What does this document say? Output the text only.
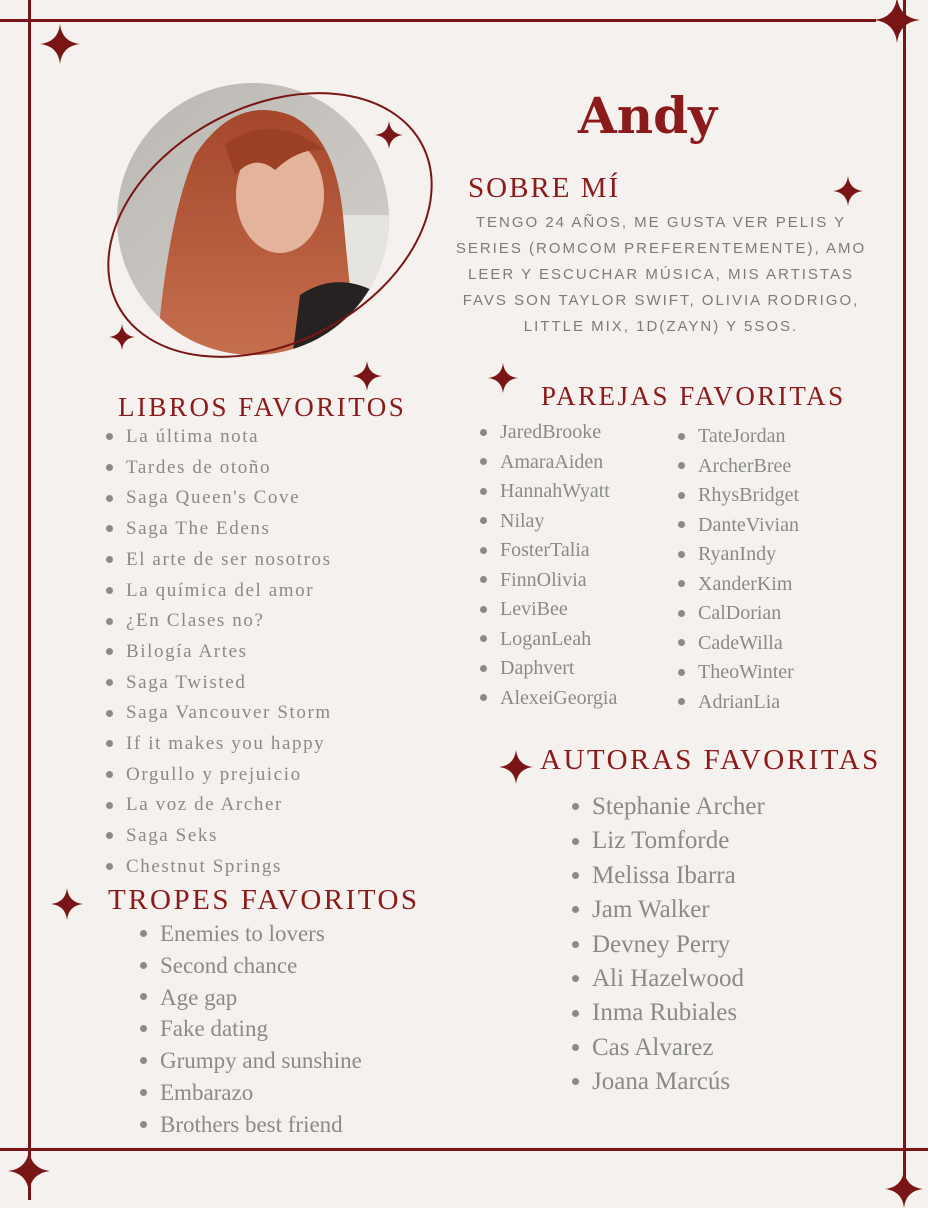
Andy
SOBRE MÍ

TENGO 24 AÑOS, ME GUSTA VER PELIS Y SERIES (ROMCOM PREFERENTEMENTE), AMO LEER Y ESCUCHAR MÚSICA, MIS ARTISTAS FAVS SON TAYLOR SWIFT, OLIVIA RODRIGO, LITTLE MIX, 1D(ZAYN) Y 5SOS.

LIBROS FAVORITOS
La última nota
Tardes de otoño
Saga Queen's Cove
Saga The Edens
El arte de ser nosotros
La química del amor
¿En Clases no?
Bilogía Artes
Saga Twisted
Saga Vancouver Storm
If it makes you happy
Orgullo y prejuicio
La voz de Archer
Saga Seks
Chestnut Springs
PAREJAS FAVORITAS
JaredBrooke
AmaraAiden
HannahWyatt
Nilay
FosterTalia
FinnOlivia
LeviBee
LoganLeah
Daphvert
AlexeiGeorgia
TateJordan
ArcherBree
RhysBridget
DanteVivian
RyanIndy
XanderKim
CalDorian
CadeWilla
TheoWinter
AdrianLia
TROPES FAVORITOS
Enemies to lovers
Second chance
Age gap
Fake dating
Grumpy and sunshine
Embarazo
Brothers best friend
AUTORAS FAVORITAS
Stephanie Archer
Liz Tomforde
Melissa Ibarra
Jam Walker
Devney Perry
Ali Hazelwood
Inma Rubiales
Cas Alvarez
Joana Marcús
